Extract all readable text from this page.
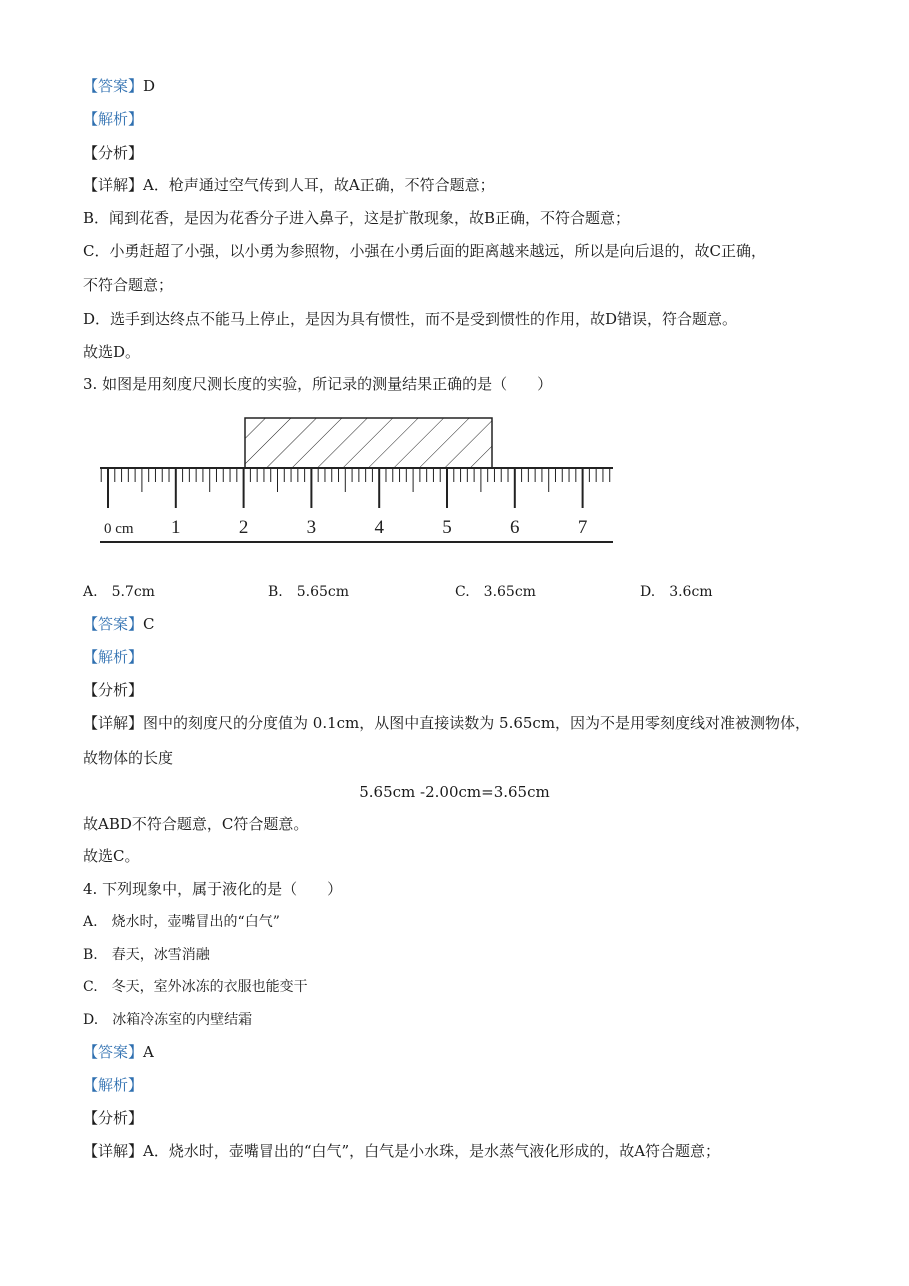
【答案】D
【解析】
【分析】
【详解】A．枪声通过空气传到人耳，故A正确，不符合题意；
B．闻到花香，是因为花香分子进入鼻子，这是扩散现象，故B正确，不符合题意；
C．小勇赶超了小强，以小勇为参照物，小强在小勇后面的距离越来越远，所以是向后退的，故C正确，
不符合题意；
D．选手到达终点不能马上停止，是因为具有惯性，而不是受到惯性的作用，故D错误，符合题意。
故选D。
3. 如图是用刻度尺测长度的实验，所记录的测量结果正确的是（　　）
0 cm 1	2	3	4	5	6	7
A. 5.7cm	B. 5.65cm	C. 3.65cm	D. 3.6cm
【答案】C
【解析】
【分析】
【详解】图中的刻度尺的分度值为 0.1cm，从图中直接读数为 5.65cm，因为不是用零刻度线对准被测物体，
故物体的长度
5.65cm -2.00cm=3.65cm
故ABD不符合题意，C符合题意。
故选C。
4. 下列现象中，属于液化的是（　　）
A. 烧水时，壶嘴冒出的“白气”
B. 春天，冰雪消融
C. 冬天，室外冰冻的衣服也能变干
D. 冰箱冷冻室的内壁结霜
【答案】A
【解析】
【分析】
【详解】A．烧水时，壶嘴冒出的“白气”，白气是小水珠，是水蒸气液化形成的，故A符合题意；
